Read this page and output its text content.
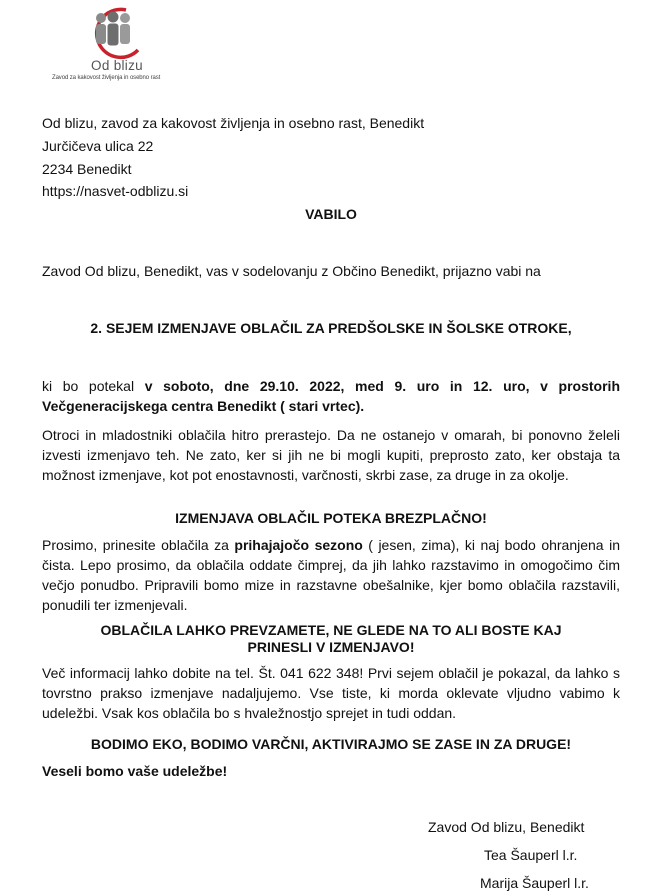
Od blizu
Zavod za kakovost življenja in osebno rast
Od blizu, zavod za kakovost življenja in osebno rast, Benedikt
Jurčičeva ulica 22
2234 Benedikt
https://nasvet-odblizu.si
VABILO
Zavod Od blizu, Benedikt, vas v sodelovanju z Občino Benedikt, prijazno vabi na
2. SEJEM IZMENJAVE OBLAČIL ZA PREDŠOLSKE IN ŠOLSKE OTROKE,
ki bo potekal v soboto, dne 29.10. 2022, med 9. uro in 12. uro, v prostorih Večgeneracijskega centra Benedikt ( stari vrtec).
Otroci in mladostniki oblačila hitro prerastejo. Da ne ostanejo v omarah, bi ponovno želeli izvesti izmenjavo teh. Ne zato, ker si jih ne bi mogli kupiti, preprosto zato, ker obstaja ta možnost izmenjave, kot pot enostavnosti, varčnosti, skrbi zase, za druge in za okolje.
IZMENJAVA OBLAČIL POTEKA BREZPLAČNO!
Prosimo, prinesite oblačila za prihajajočo sezono ( jesen, zima), ki naj bodo ohranjena in čista. Lepo prosimo, da oblačila oddate čimprej, da jih lahko razstavimo in omogočimo čim večjo ponudbo. Pripravili bomo mize in razstavne obešalnike, kjer bomo oblačila razstavili, ponudili ter izmenjevali.
OBLAČILA LAHKO PREVZAMETE, NE GLEDE NA TO ALI BOSTE KAJ
PRINESLI V IZMENJAVO!
Več informacij lahko dobite na tel. Št. 041 622 348! Prvi sejem oblačil je pokazal, da lahko s tovrstno prakso izmenjave nadaljujemo. Vse tiste, ki morda oklevate vljudno vabimo k udeležbi. Vsak kos oblačila bo s hvaležnostjo sprejet in tudi oddan.
BODIMO EKO, BODIMO VARČNI, AKTIVIRAJMO SE ZASE IN ZA DRUGE!
Veseli bomo vaše udeležbe!
Zavod Od blizu, Benedikt
Tea Šauperl l.r.
Marija Šauperl l.r.
